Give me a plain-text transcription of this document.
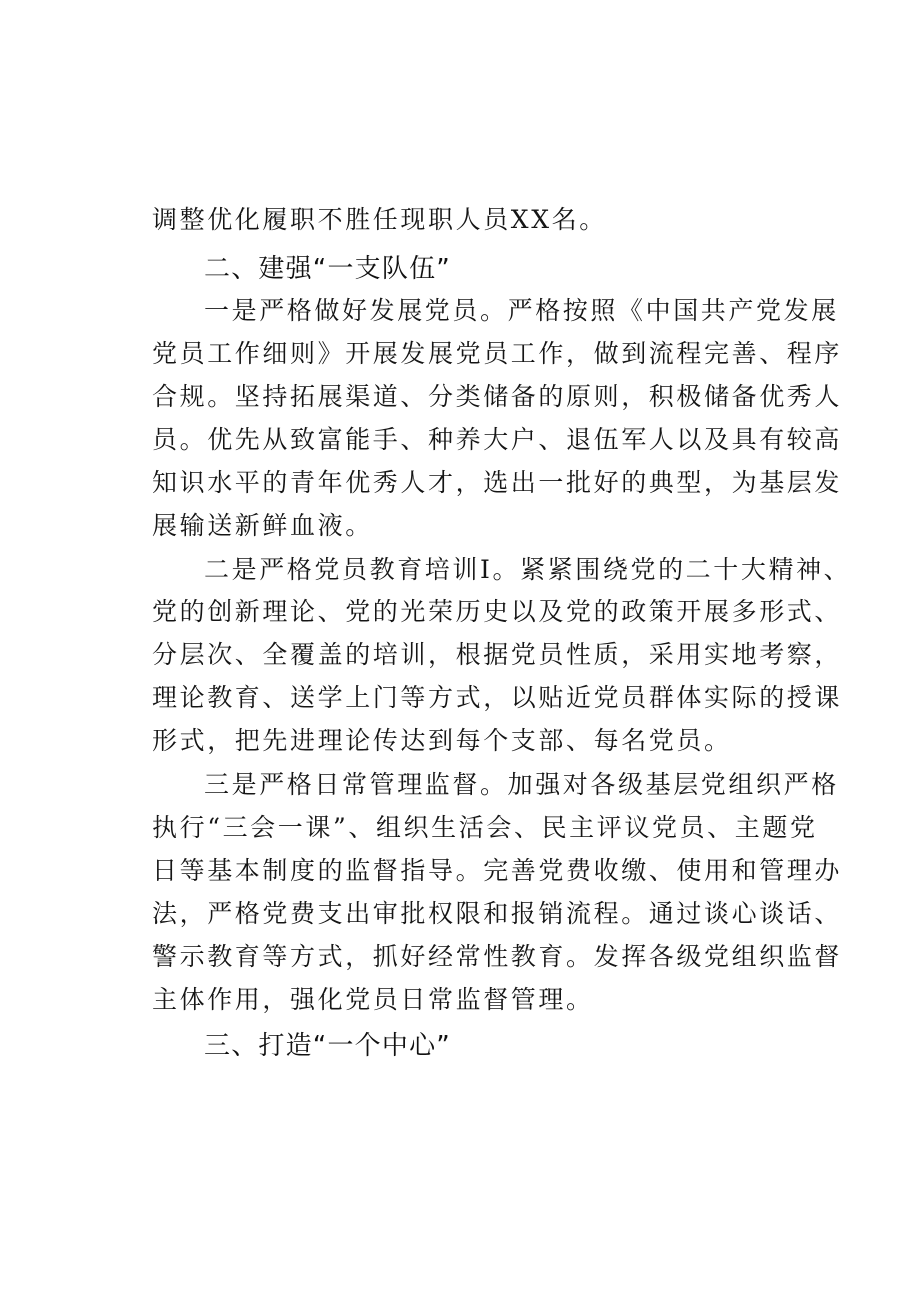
调整优化履职不胜任现职人员XX名。
二、建强“一支队伍”
一是严格做好发展党员。严格按照《中国共产党发展
党员工作细则》开展发展党员工作，做到流程完善、程序
合规。坚持拓展渠道、分类储备的原则，积极储备优秀人
员。优先从致富能手、种养大户、退伍军人以及具有较高
知识水平的青年优秀人才，选出一批好的典型，为基层发
展输送新鲜血液。
二是严格党员教育培训I。紧紧围绕党的二十大精神、
党的创新理论、党的光荣历史以及党的政策开展多形式、
分层次、全覆盖的培训，根据党员性质，采用实地考察，
理论教育、送学上门等方式，以贴近党员群体实际的授课
形式，把先进理论传达到每个支部、每名党员。
三是严格日常管理监督。加强对各级基层党组织严格
执行“三会一课”、组织生活会、民主评议党员、主题党
日等基本制度的监督指导。完善党费收缴、使用和管理办
法，严格党费支出审批权限和报销流程。通过谈心谈话、
警示教育等方式，抓好经常性教育。发挥各级党组织监督
主体作用，强化党员日常监督管理。
三、打造“一个中心”
